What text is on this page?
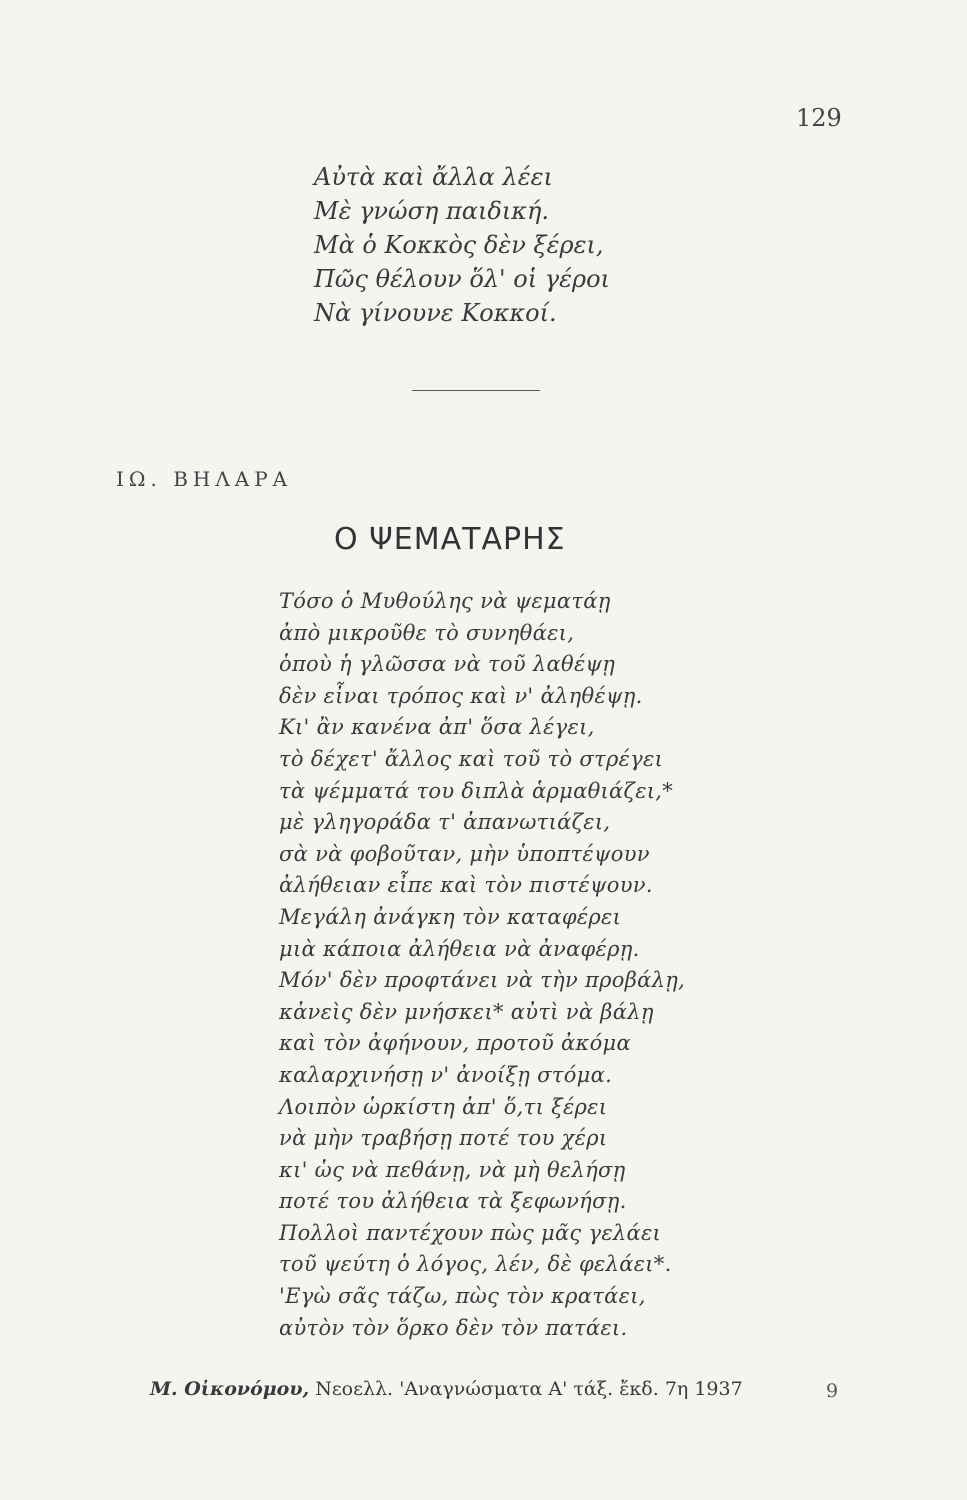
129
Αὐτὰ καὶ ἄλλα λέει
Μὲ γνώση παιδική.
Μὰ ὁ Κοκκὸς δὲν ξέρει,
Πῶς θέλουν ὅλ' οἱ γέροι
Νὰ γίνουνε Κοκκοί.
ΙΩ. ΒΗΛΑΡΑ
Ο ΨΕΜΑΤΑΡΗΣ
Τόσο ὁ Μυθούλης νὰ ψεματάῃ
ἀπὸ μικροῦθε τὸ συνηθάει,
ὁποὺ ἡ γλῶσσα νὰ τοῦ λαθέψῃ
δὲν εἶναι τρόπος καὶ ν' ἀληθέψῃ.
Κι' ἂν κανένα ἀπ' ὅσα λέγει,
τὸ δέχετ' ἄλλος καὶ τοῦ τὸ στρέγει
τὰ ψέμματά του διπλὰ ἁρμαθιάζει,*
μὲ γληγοράδα τ' ἀπανωτιάζει,
σὰ νὰ φοβοῦταν, μὴν ὑποπτέψουν
ἀλήθειαν εἶπε καὶ τὸν πιστέψουν.
Μεγάλη ἀνάγκη τὸν καταφέρει
μιὰ κάποια ἀλήθεια νὰ ἀναφέρῃ.
Μόν' δὲν προφτάνει νὰ τὴν προβάλῃ,
κἀνεὶς δὲν μνήσκει* αὐτὶ νὰ βάλῃ
καὶ τὸν ἀφήνουν, προτοῦ ἀκόμα
καλαρχινήσῃ ν' ἀνοίξῃ στόμα.
Λοιπὸν ὡρκίστη ἀπ' ὅ,τι ξέρει
νὰ μὴν τραβήσῃ ποτέ του χέρι
κι' ὡς νὰ πεθάνῃ, νὰ μὴ θελήσῃ
ποτέ του ἀλήθεια τὰ ξεφωνήσῃ.
Πολλοὶ παντέχουν πὼς μᾶς γελάει
τοῦ ψεύτη ὁ λόγος, λέν, δὲ φελάει*.
'Εγὼ σᾶς τάζω, πὼς τὸν κρατάει,
αὐτὸν τὸν ὅρκο δὲν τὸν πατάει.
Μ. Οἰκονόμου, Νεοελλ. 'Αναγνώσματα Α' τάξ. ἔκδ. 7η 1937	9
